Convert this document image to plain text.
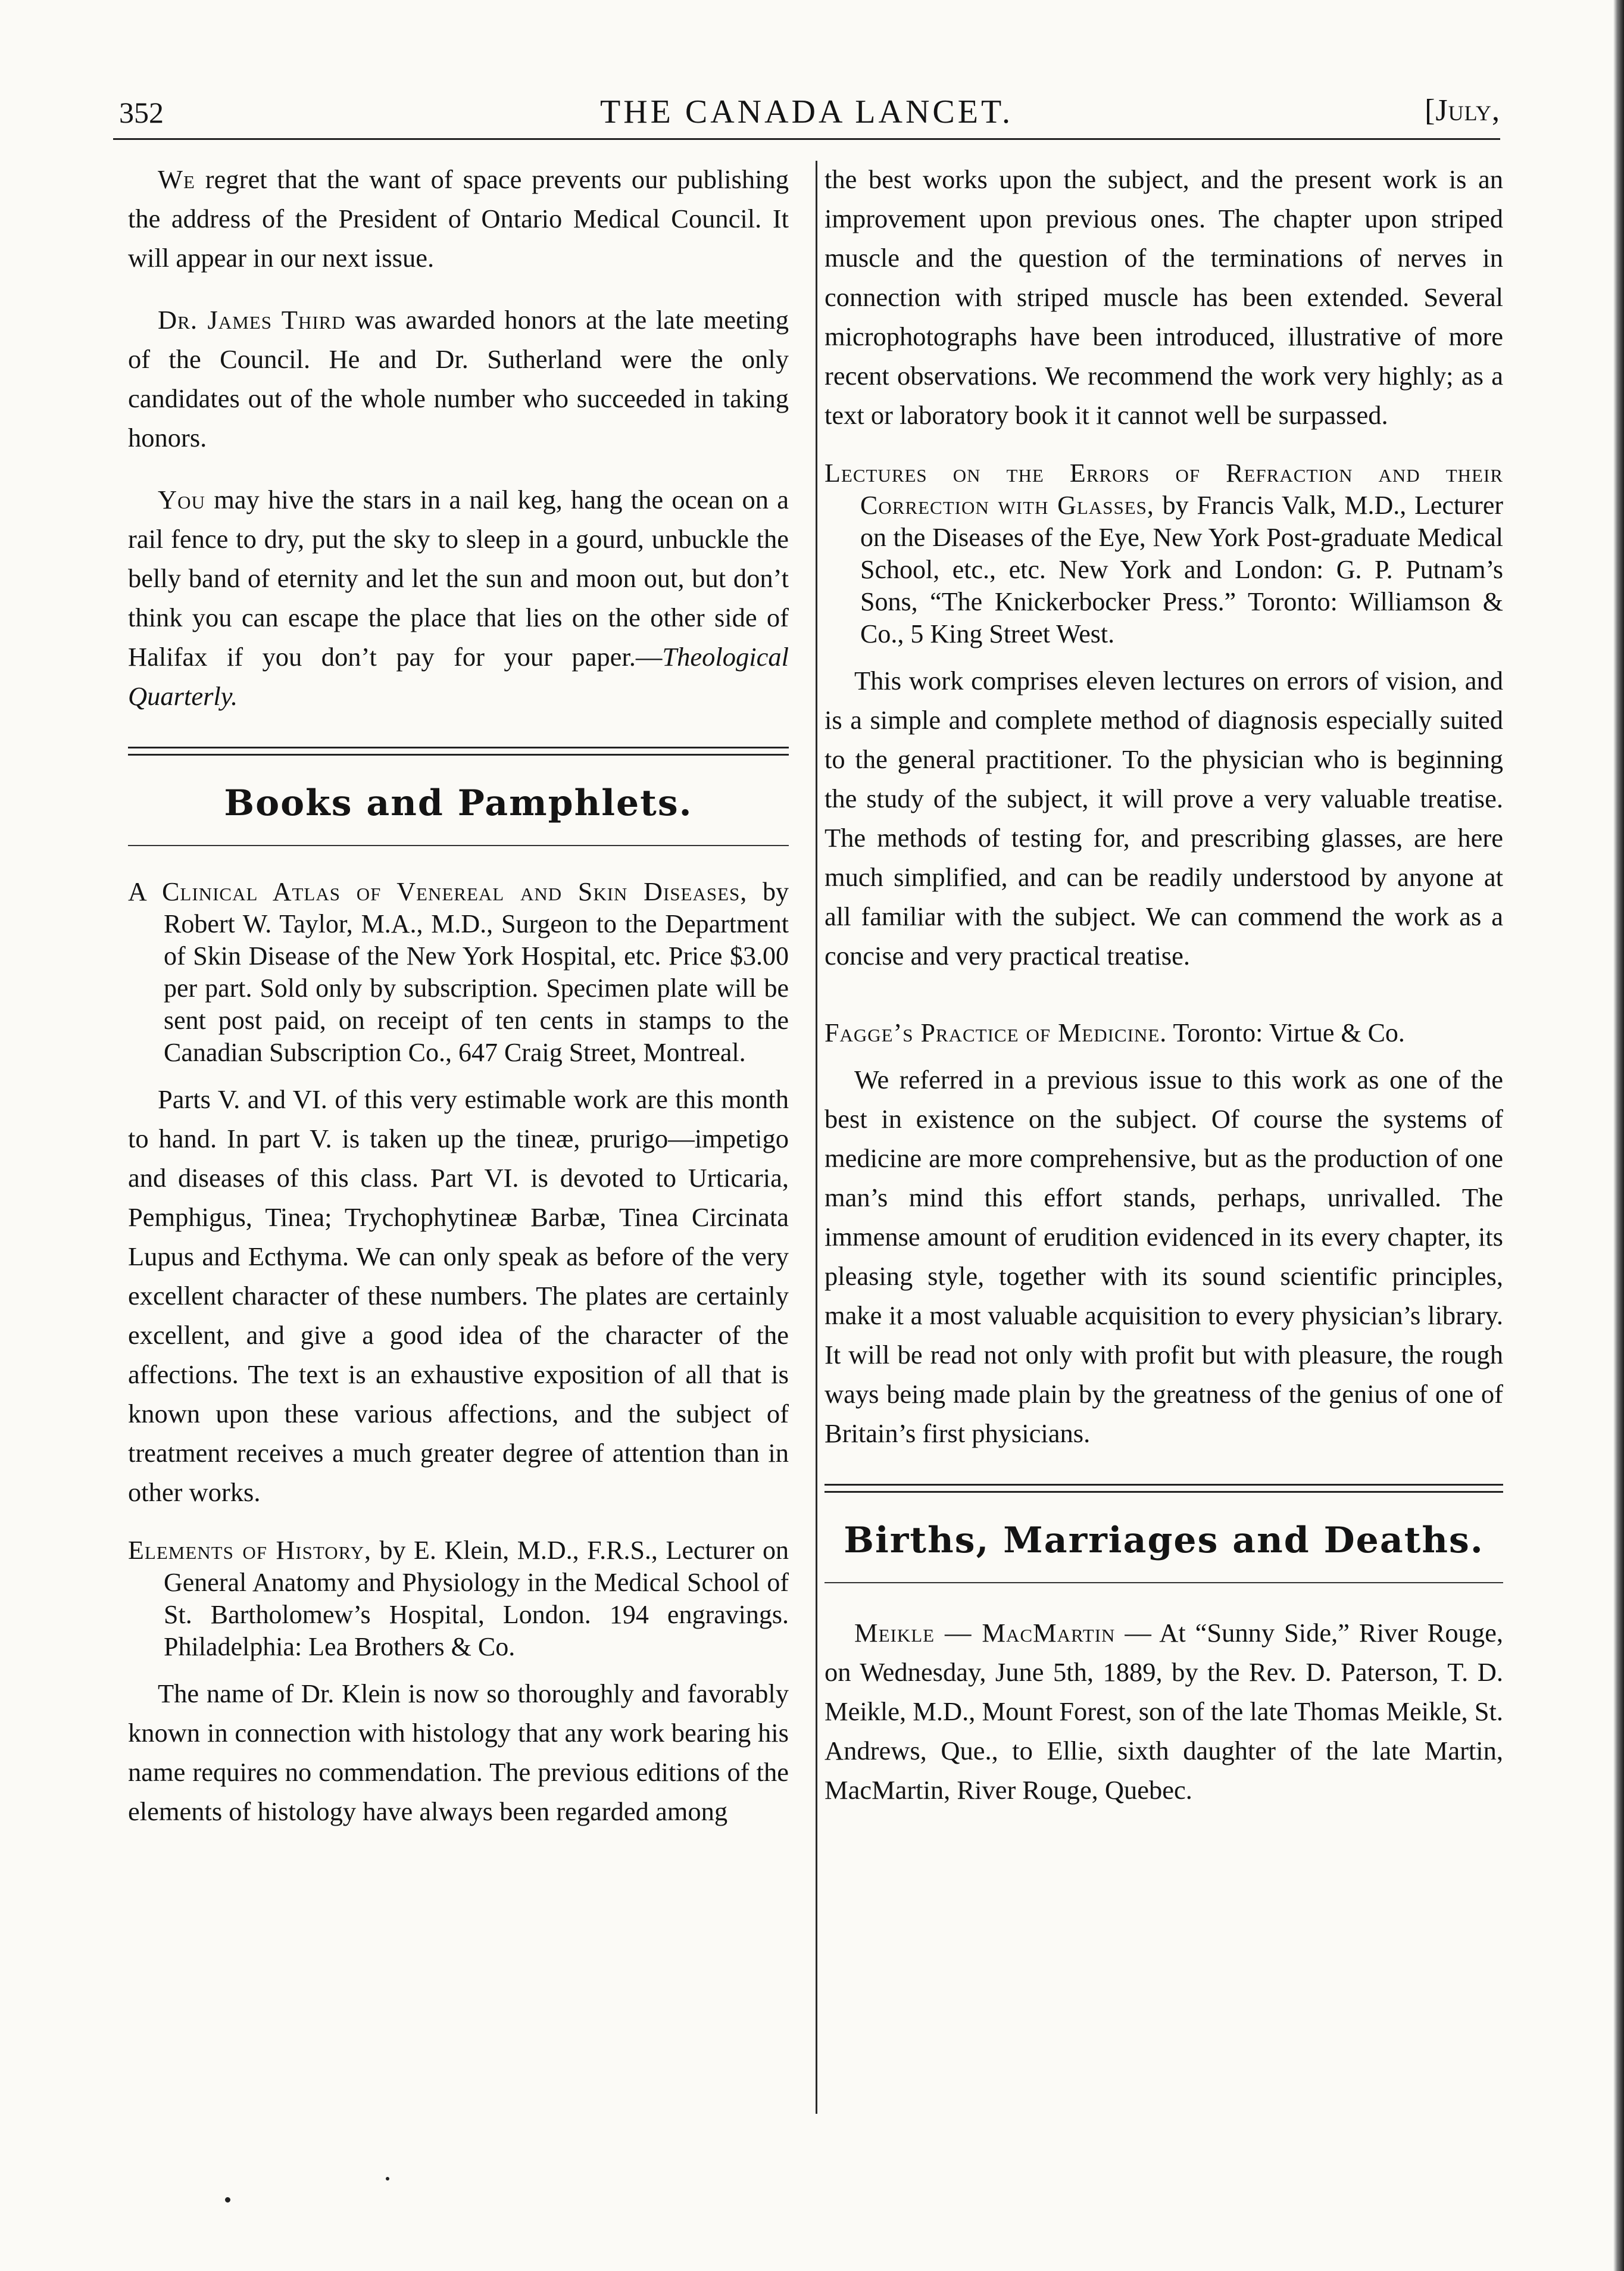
352	THE CANADA LANCET.	[July,

We regret that the want of space prevents our publishing the address of the President of Ontario Medical Council. It will appear in our next issue.

Dr. James Third was awarded honors at the late meeting of the Council. He and Dr. Sutherland were the only candidates out of the whole number who succeeded in taking honors.

You may hive the stars in a nail keg, hang the ocean on a rail fence to dry, put the sky to sleep in a gourd, unbuckle the belly band of eternity and let the sun and moon out, but don’t think you can escape the place that lies on the other side of Halifax if you don’t pay for your paper.—Theological Quarterly.

Books and Pamphlets.

A Clinical Atlas of Venereal and Skin Diseases, by Robert W. Taylor, M.A., M.D., Surgeon to the Department of Skin Disease of the New York Hospital, etc. Price $3.00 per part. Sold only by subscription. Specimen plate will be sent post paid, on receipt of ten cents in stamps to the Canadian Subscription Co., 647 Craig Street, Montreal.

Parts V. and VI. of this very estimable work are this month to hand. In part V. is taken up the tineæ, prurigo—impetigo and diseases of this class. Part VI. is devoted to Urticaria, Pemphigus, Tinea; Trychophytineæ Barbæ, Tinea Circinata Lupus and Ecthyma. We can only speak as before of the very excellent character of these numbers. The plates are certainly excellent, and give a good idea of the character of the affections. The text is an exhaustive exposition of all that is known upon these various affections, and the subject of treatment receives a much greater degree of attention than in other works.

Elements of History, by E. Klein, M.D., F.R.S., Lecturer on General Anatomy and Physiology in the Medical School of St. Bartholomew’s Hospital, London. 194 engravings. Philadelphia: Lea Brothers & Co.

The name of Dr. Klein is now so thoroughly and favorably known in connection with histology that any work bearing his name requires no commendation. The previous editions of the elements of histology have always been regarded among

the best works upon the subject, and the present work is an improvement upon previous ones. The chapter upon striped muscle and the question of the terminations of nerves in connection with striped muscle has been extended. Several microphotographs have been introduced, illustrative of more recent observations. We recommend the work very highly; as a text or laboratory book it it cannot well be surpassed.

Lectures on the Errors of Refraction and their Correction with Glasses, by Francis Valk, M.D., Lecturer on the Diseases of the Eye, New York Post-graduate Medical School, etc., etc. New York and London: G. P. Putnam’s Sons, “The Knickerbocker Press.” Toronto: Williamson & Co., 5 King Street West.

This work comprises eleven lectures on errors of vision, and is a simple and complete method of diagnosis especially suited to the general practitioner. To the physician who is beginning the study of the subject, it will prove a very valuable treatise. The methods of testing for, and prescribing glasses, are here much simplified, and can be readily understood by anyone at all familiar with the subject. We can commend the work as a concise and very practical treatise.

Fagge’s Practice of Medicine. Toronto: Virtue & Co.

We referred in a previous issue to this work as one of the best in existence on the subject. Of course the systems of medicine are more comprehensive, but as the production of one man’s mind this effort stands, perhaps, unrivalled. The immense amount of erudition evidenced in its every chapter, its pleasing style, together with its sound scientific principles, make it a most valuable acquisition to every physician’s library. It will be read not only with profit but with pleasure, the rough ways being made plain by the greatness of the genius of one of Britain’s first physicians.

Births, Marriages and Deaths.

Meikle — MacMartin — At “Sunny Side,” River Rouge, on Wednesday, June 5th, 1889, by the Rev. D. Paterson, T. D. Meikle, M.D., Mount Forest, son of the late Thomas Meikle, St. Andrews, Que., to Ellie, sixth daughter of the late Martin, MacMartin, River Rouge, Quebec.
